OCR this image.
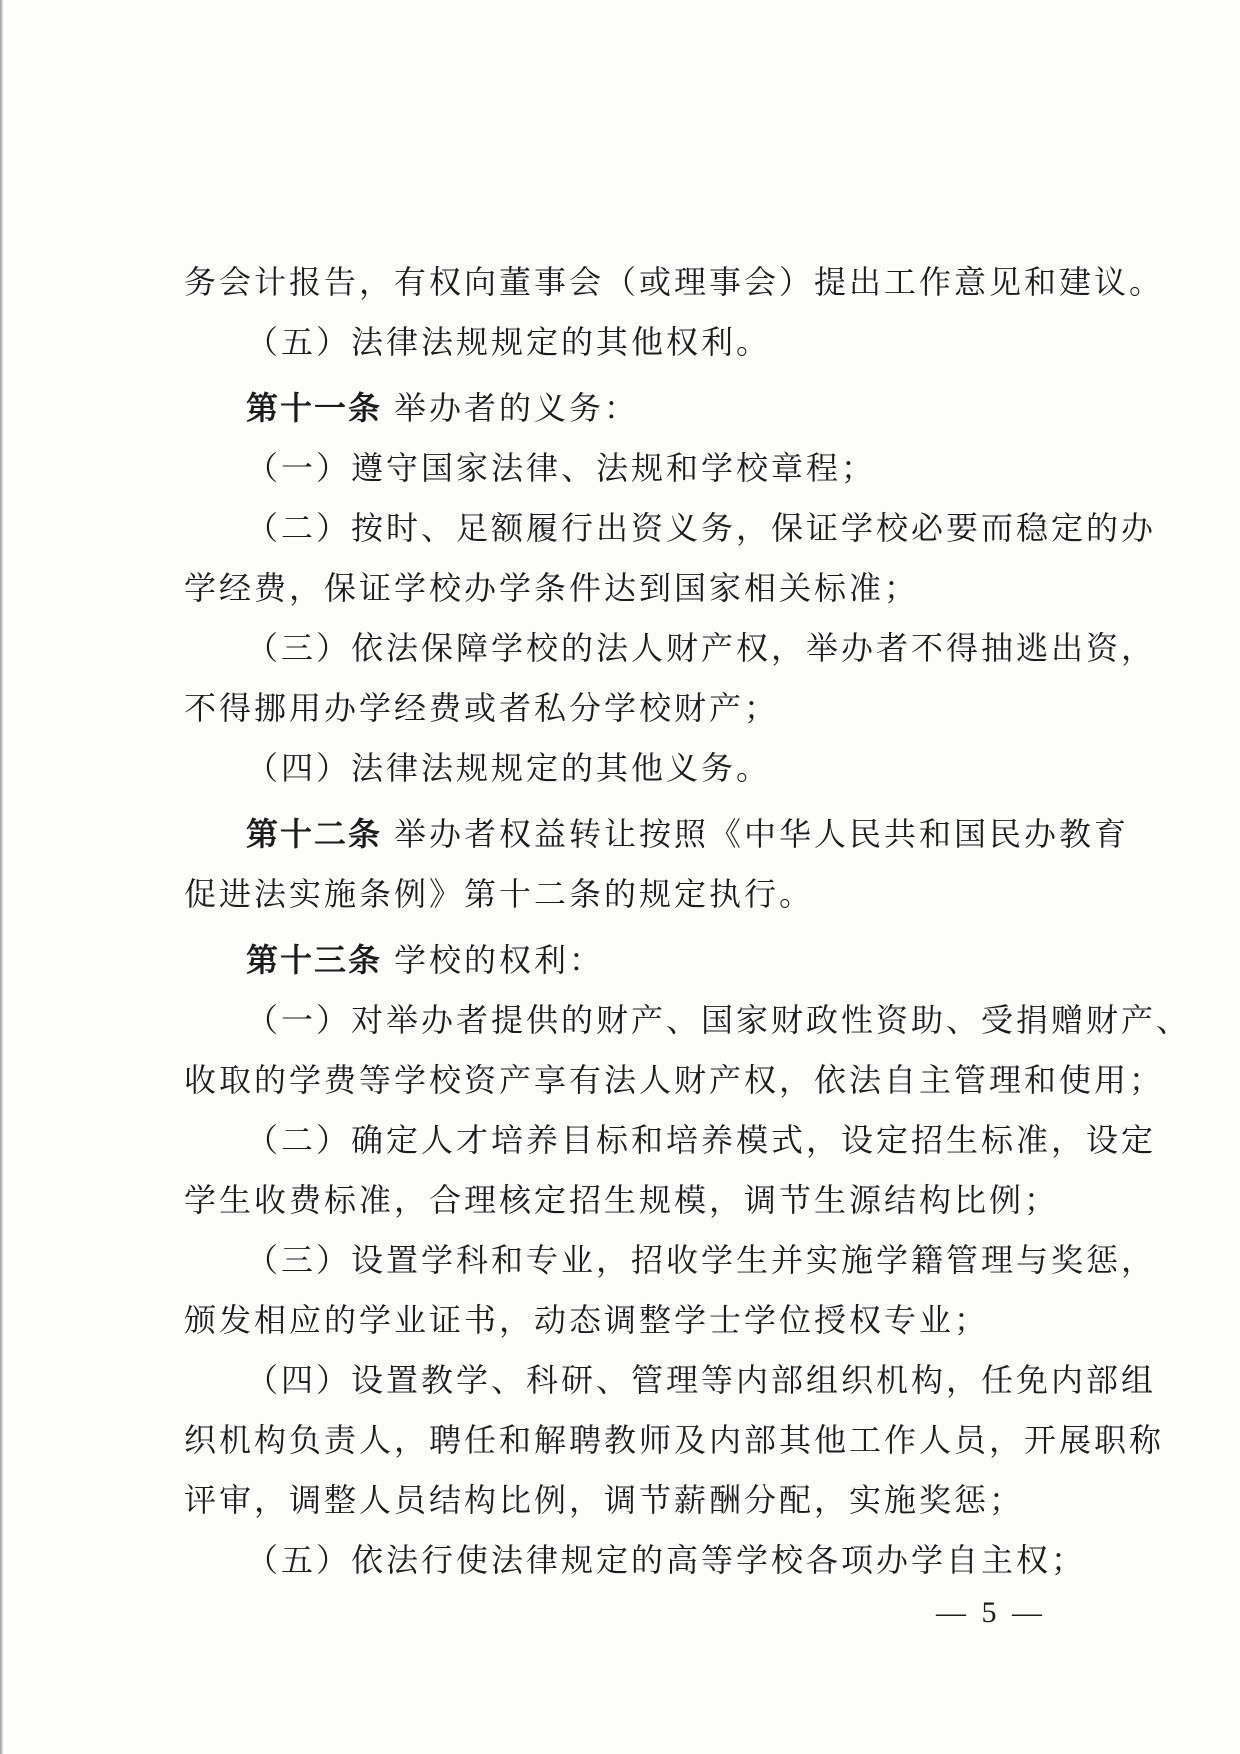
务会计报告，有权向董事会（或理事会）提出工作意见和建议。
（五）法律法规规定的其他权利。
第十一条 举办者的义务：
（一）遵守国家法律、法规和学校章程；
（二）按时、足额履行出资义务，保证学校必要而稳定的办
学经费，保证学校办学条件达到国家相关标准；
（三）依法保障学校的法人财产权，举办者不得抽逃出资，
不得挪用办学经费或者私分学校财产；
（四）法律法规规定的其他义务。
第十二条 举办者权益转让按照《中华人民共和国民办教育
促进法实施条例》第十二条的规定执行。
第十三条 学校的权利：
（一）对举办者提供的财产、国家财政性资助、受捐赠财产、
收取的学费等学校资产享有法人财产权，依法自主管理和使用；
（二）确定人才培养目标和培养模式，设定招生标准，设定
学生收费标准，合理核定招生规模，调节生源结构比例；
（三）设置学科和专业，招收学生并实施学籍管理与奖惩，
颁发相应的学业证书，动态调整学士学位授权专业；
（四）设置教学、科研、管理等内部组织机构，任免内部组
织机构负责人，聘任和解聘教师及内部其他工作人员，开展职称
评审，调整人员结构比例，调节薪酬分配，实施奖惩；
（五）依法行使法律规定的高等学校各项办学自主权；
— 5 —
